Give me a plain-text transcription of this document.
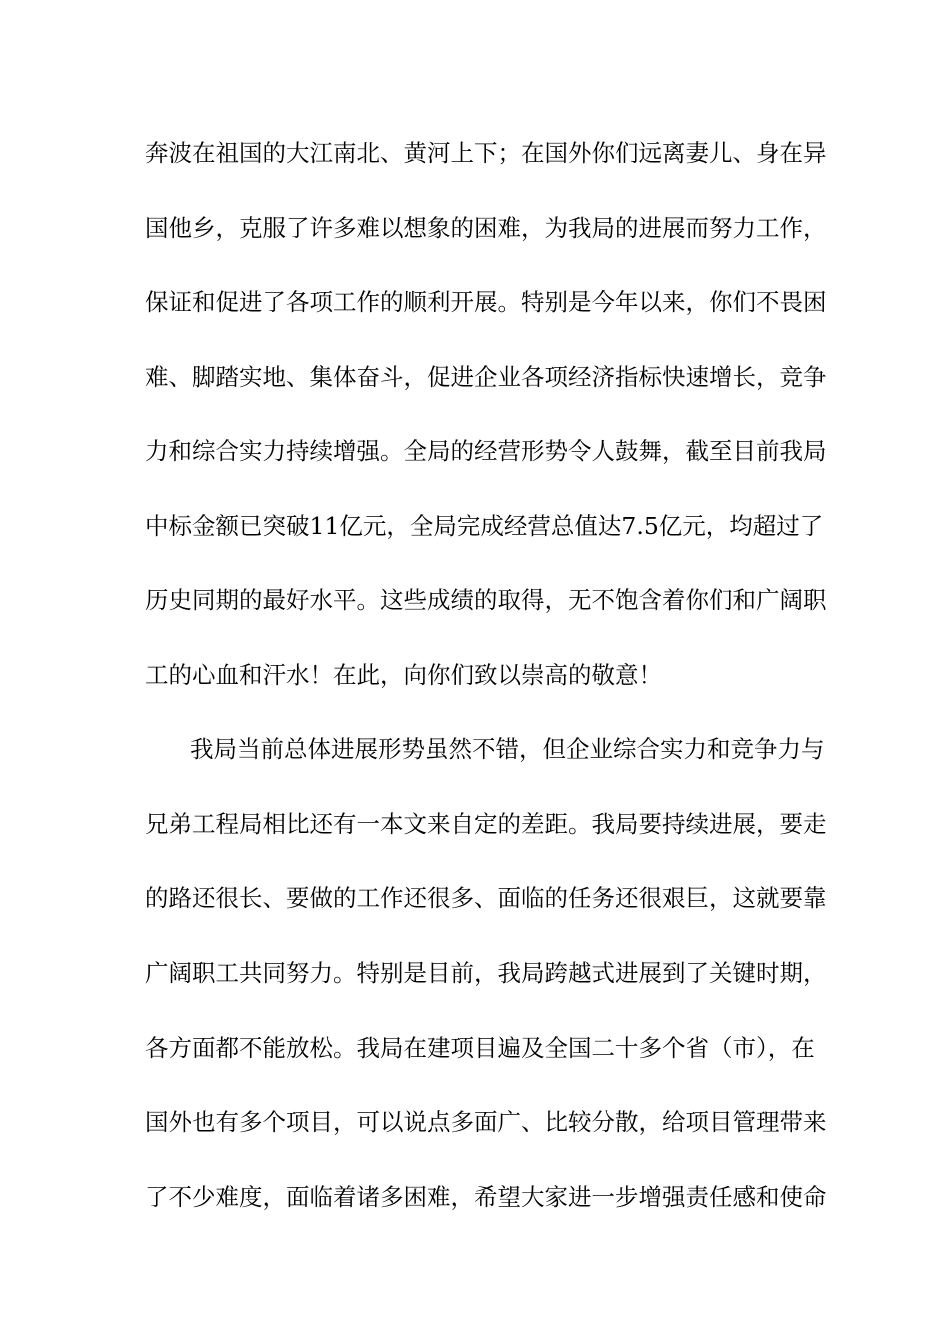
奔波在祖国的大江南北、黄河上下；在国外你们远离妻儿、身在异
国他乡，克服了许多难以想象的困难，为我局的进展而努力工作，
保证和促进了各项工作的顺利开展。特别是今年以来，你们不畏困
难、脚踏实地、集体奋斗，促进企业各项经济指标快速增长，竞争
力和综合实力持续增强。全局的经营形势令人鼓舞，截至目前我局
中标金额已突破11亿元，全局完成经营总值达7.5亿元，均超过了
历史同期的最好水平。这些成绩的取得，无不饱含着你们和广阔职
工的心血和汗水！在此，向你们致以崇高的敬意！
我局当前总体进展形势虽然不错，但企业综合实力和竞争力与
兄弟工程局相比还有一本文来自定的差距。我局要持续进展，要走
的路还很长、要做的工作还很多、面临的任务还很艰巨，这就要靠
广阔职工共同努力。特别是目前，我局跨越式进展到了关键时期，
各方面都不能放松。我局在建项目遍及全国二十多个省（市），在
国外也有多个项目，可以说点多面广、比较分散，给项目管理带来
了不少难度，面临着诸多困难，希望大家进一步增强责任感和使命
